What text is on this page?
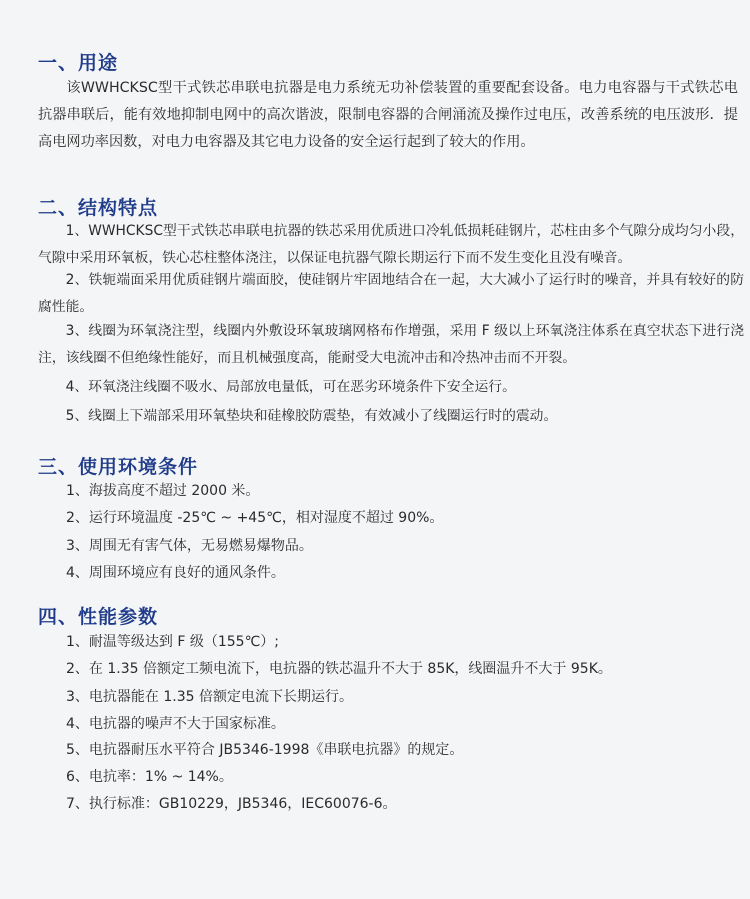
一、用途
该WWHCKSC型干式铁芯串联电抗器是电力系统无功补偿装置的重要配套设备。电力电容器与干式铁芯电抗器串联后，能有效地抑制电网中的高次谐波，限制电容器的合闸涌流及操作过电压，改善系统的电压波形．提高电网功率因数，对电力电容器及其它电力设备的安全运行起到了较大的作用。
二、结构特点
1、WWHCKSC型干式铁芯串联电抗器的铁芯采用优质进口冷轧低损耗硅钢片，芯柱由多个气隙分成均匀小段，气隙中采用环氧板，铁心芯柱整体浇注，以保证电抗器气隙长期运行下而不发生变化且没有噪音。
2、铁轭端面采用优质硅钢片端面胶，使硅钢片牢固地结合在一起，大大减小了运行时的噪音，并具有较好的防腐性能。
3、线圈为环氧浇注型，线圈内外敷设环氧玻璃网格布作增强，采用 F 级以上环氧浇注体系在真空状态下进行浇注，该线圈不但绝缘性能好，而且机械强度高，能耐受大电流冲击和冷热冲击而不开裂。
4、环氧浇注线圈不吸水、局部放电量低，可在恶劣环境条件下安全运行。
5、线圈上下端部采用环氧垫块和硅橡胶防震垫，有效减小了线圈运行时的震动。
三、使用环境条件
1、海拔高度不超过 2000 米。
2、运行环境温度 -25℃ ~ +45℃，相对湿度不超过 90%。
3、周围无有害气体，无易燃易爆物品。
4、周围环境应有良好的通风条件。
四、性能参数
1、耐温等级达到 F 级（155℃）;
2、在 1.35 倍额定工频电流下，电抗器的铁芯温升不大于 85K，线圈温升不大于 95K。
3、电抗器能在 1.35 倍额定电流下长期运行。
4、电抗器的噪声不大于国家标准。
5、电抗器耐压水平符合 JB5346-1998《串联电抗器》的规定。
6、电抗率：1% ~ 14%。
7、执行标准：GB10229，JB5346，IEC60076-6。
